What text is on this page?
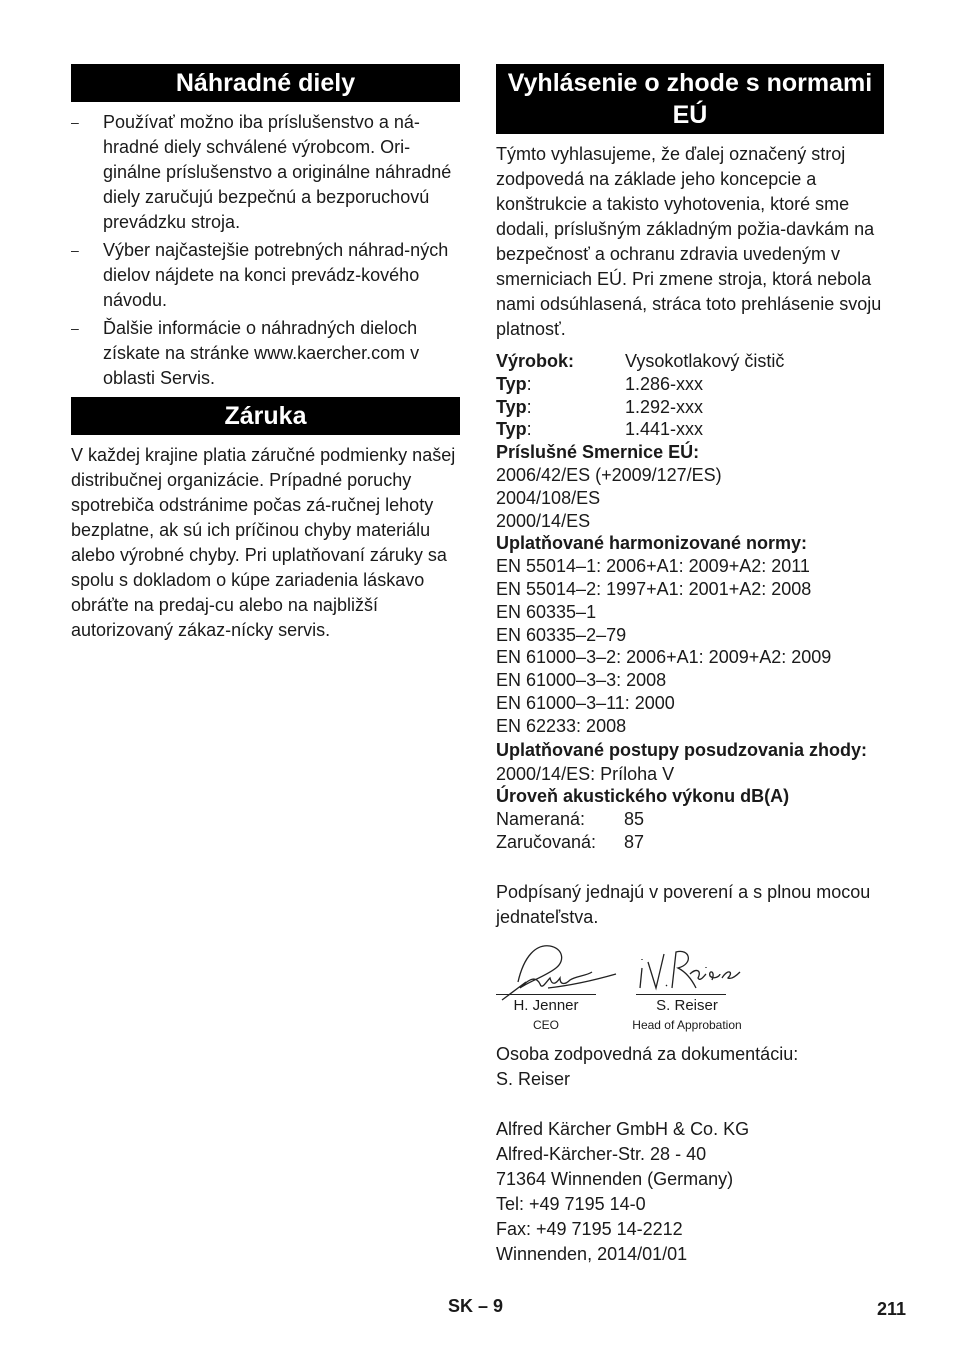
Náhradné diely
– Používať možno iba príslušenstvo a ná-hradné diely schválené výrobcom. Ori-ginálne príslušenstvo a originálne náhradné diely zaručujú bezpečnú a bezporuchovú prevádzku stroja.
– Výber najčastejšie potrebných náhrad-ných dielov nájdete na konci prevádz-kového návodu.
– Ďalšie informácie o náhradných dieloch získate na stránke www.kaercher.com v oblasti Servis.
Záruka

V každej krajine platia záručné podmienky našej distribučnej organizácie. Prípadné poruchy spotrebiča odstránime počas zá-ručnej lehoty bezplatne, ak sú ich príčinou chyby materiálu alebo výrobné chyby. Pri uplatňovaní záruky sa spolu s dokladom o kúpe zariadenia láskavo obráťte na predaj-cu alebo na najbližší autorizovaný zákaz-nícky servis.

Vyhlásenie o zhode s normami EÚ

Týmto vyhlasujeme, že ďalej označený stroj zodpovedá na základe jeho koncepcie a konštrukcie a takisto vyhotovenia, ktoré sme dodali, príslušným základným požia-davkám na bezpečnosť a ochranu zdravia uvedeným v smerniciach EÚ. Pri zmene stroja, ktorá nebola nami odsúhlasená, stráca toto prehlásenie svoju platnosť.

Výrobok:	Vysokotlakový čistič
Typ:	1.286-xxx
Typ:	1.292-xxx
Typ:	1.441-xxx
Príslušné Smernice EÚ:
2006/42/ES (+2009/127/ES)
2004/108/ES
2000/14/ES
Uplatňované harmonizované normy:
EN 55014–1: 2006+A1: 2009+A2: 2011
EN 55014–2: 1997+A1: 2001+A2: 2008
EN 60335–1
EN 60335–2–79
EN 61000–3–2: 2006+A1: 2009+A2: 2009
EN 61000–3–3: 2008
EN 61000–3–11: 2000
EN 62233: 2008
Uplatňované postupy posudzovania zhody:
2000/14/ES: Príloha V
Úroveň akustického výkonu dB(A)
Nameraná:	85
Zaručovaná:	87

Podpísaný jednajú v poverení a s plnou mocou jednateľstva.

H. Jenner
CEO
S. Reiser
Head of Approbation

Osoba zodpovedná za dokumentáciu:

S. Reiser

Alfred Kärcher GmbH & Co. KG

Alfred-Kärcher-Str. 28 - 40

71364 Winnenden (Germany)

Tel: +49 7195 14-0

Fax: +49 7195 14-2212

Winnenden, 2014/01/01

SK – 9	211
